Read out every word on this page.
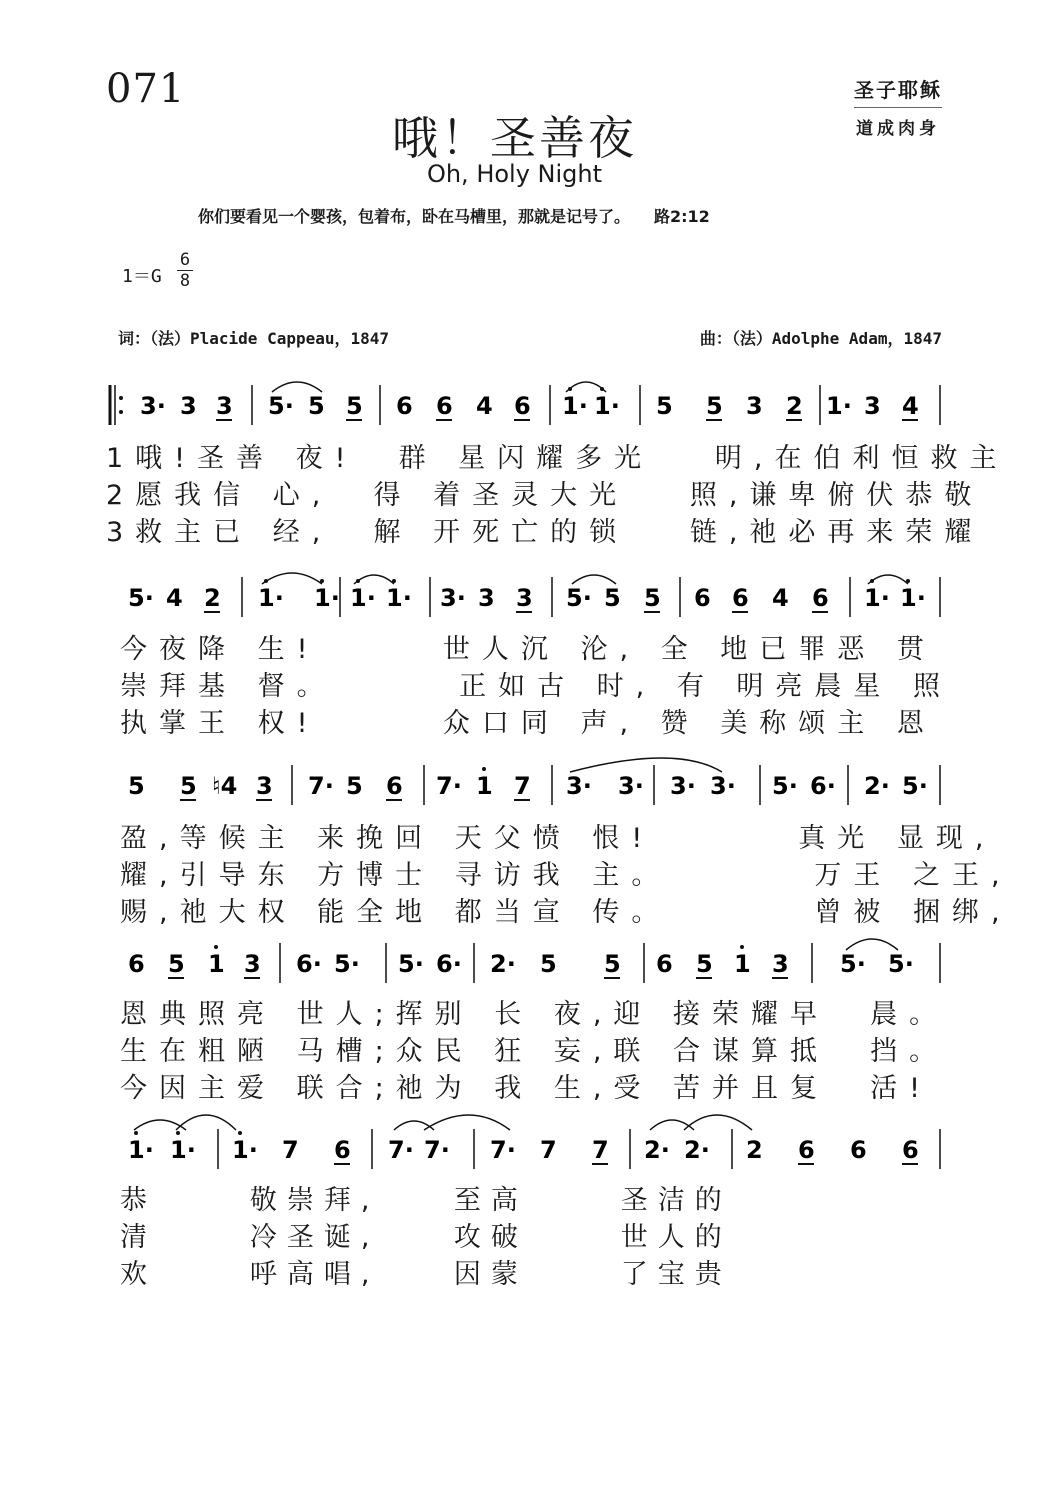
071	圣子耶稣
道成肉身
哦！圣善夜
Oh, Holy Night
你们要看见一个婴孩，包着布，卧在马槽里，那就是记号了。 路2:12
1＝G
6
8
词：（法）Placide Cappeau，1847	曲：（法）Adolphe Adam，1847
3· 3 3 5· 5 5 6 6 4 6 1· 1· 5 5 3 2 1· 3 4
5· 4 2 1· 1· 1· 1· 3· 3 3 5· 5 5 6 6 4 6 1· 1·
5 5 ♮4 3 7· 5 6 7· 1 7 3· 3· 3· 3· 5· 6· 2· 5·
6 5 1 3 6· 5· 5· 6· 2· 5 5 6 5 1 3 5· 5·
1· 1· 1· 7 6 7· 7· 7· 7 7 2· 2· 2 6 6 6
1哦!圣善 夜!  群 星闪耀多光   明,在伯利恒救主
2愿我信 心,  得 着圣灵大光   照,谦卑俯伏恭敬
3救主已 经,  解 开死亡的锁   链,祂必再来荣耀
今夜降 生!      世人沉 沦, 全 地已罪恶 贯
崇拜基 督。      正如古 时, 有 明亮晨星 照
执掌王 权!      众口同 声, 赞 美称颂主 恩
盈,等候主 来挽回 天父愤 恨!       真光 显现,
耀,引导东 方博士 寻访我 主。       万王 之王,
赐,祂大权 能全地 都当宣 传。       曾被 捆绑,
恩典照亮 世人;挥别 长 夜,迎 接荣耀早  晨。
生在粗陋 马槽;众民 狂 妄,联 合谋算抵  挡。
今因主爱 联合;祂为 我 生,受 苦并且复  活!
恭     敬崇拜,    至高     圣洁的
清     冷圣诞,    攻破     世人的
欢     呼高唱,    因蒙     了宝贵
3· 3 3 | 5· 5 5 | 6 6 4 6 | i· i· | 5 5 3 2 | 1· 3 4 5· 4 2 | i· i· | i· i· | 3· 3 3 | 5· 5 5 | 6 6 4 6 | i· i· 5 5 #4 3 | 7· 5 6 | 7· i 7 | 3· 3· | 3· 3· | 5· 6· | 2· 5· 6 5 i 3 | 6· 5· | 5· 6· | 2· 5 5 | 6 5 i 3 | 5· 5· i· i· | i· 7 6 | 7· 7· | 7· 7 7 | 2· 2· | 2 6 6 6
